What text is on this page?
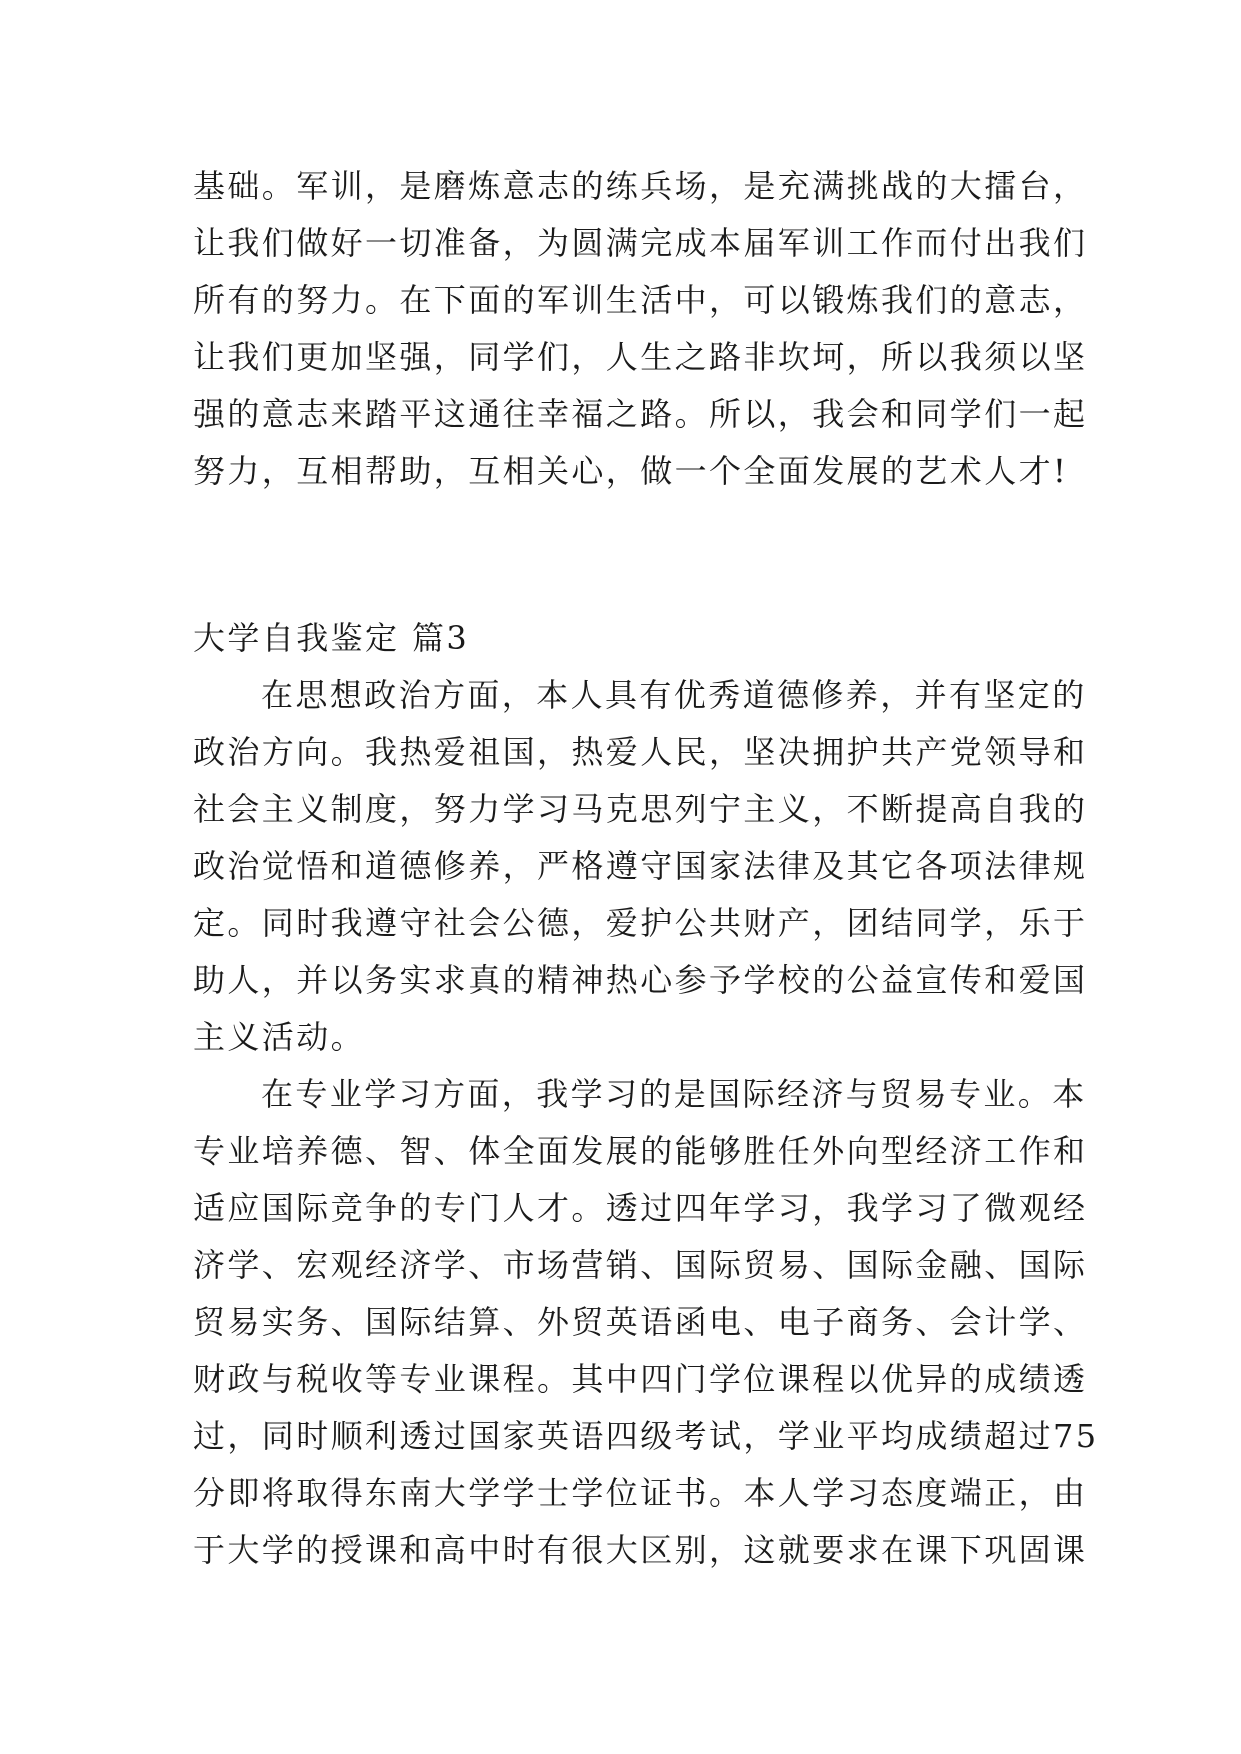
基础。军训，是磨炼意志的练兵场，是充满挑战的大擂台，
让我们做好一切准备，为圆满完成本届军训工作而付出我们
所有的努力。在下面的军训生活中，可以锻炼我们的意志，
让我们更加坚强，同学们，人生之路非坎坷，所以我须以坚
强的意志来踏平这通往幸福之路。所以，我会和同学们一起
努力，互相帮助，互相关心，做一个全面发展的艺术人才!
大学自我鉴定 篇3
在思想政治方面，本人具有优秀道德修养，并有坚定的
政治方向。我热爱祖国，热爱人民，坚决拥护共产党领导和
社会主义制度，努力学习马克思列宁主义，不断提高自我的
政治觉悟和道德修养，严格遵守国家法律及其它各项法律规
定。同时我遵守社会公德，爱护公共财产，团结同学，乐于
助人，并以务实求真的精神热心参予学校的公益宣传和爱国
主义活动。
在专业学习方面，我学习的是国际经济与贸易专业。本
专业培养德、智、体全面发展的能够胜任外向型经济工作和
适应国际竞争的专门人才。透过四年学习，我学习了微观经
济学、宏观经济学、市场营销、国际贸易、国际金融、国际
贸易实务、国际结算、外贸英语函电、电子商务、会计学、
财政与税收等专业课程。其中四门学位课程以优异的成绩透
过，同时顺利透过国家英语四级考试，学业平均成绩超过75
分即将取得东南大学学士学位证书。本人学习态度端正，由
于大学的授课和高中时有很大区别，这就要求在课下巩固课
